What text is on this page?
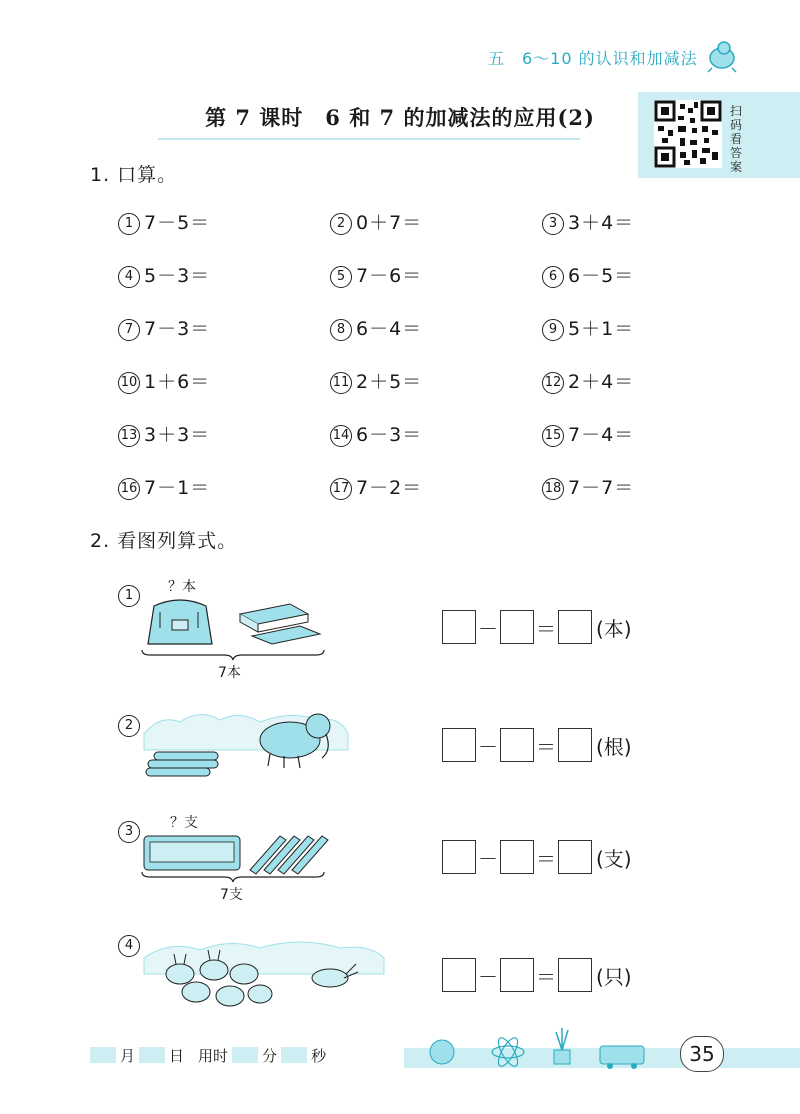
五　6～10 的认识和加减法
第 7 课时　6 和 7 的加减法的应用(2)	扫码看答案
1. 口算。
1 7－5＝	2 0＋7＝	3 3＋4＝
4 5－3＝	5 7－6＝	6 6－5＝
7 7－3＝	8 6－4＝	9 5＋1＝
10 1＋6＝	11 2＋5＝	12 2＋4＝
13 3＋3＝	14 6－3＝	15 7－4＝
16 7－1＝	17 7－2＝	18 7－7＝
2. 看图列算式。
1
？本
7本
－ ＝ (本)
2
－ ＝ (根)
3
？支
7支
－ ＝ (支)
4
－ ＝ (只)
月 日 用时 分 秒	35
